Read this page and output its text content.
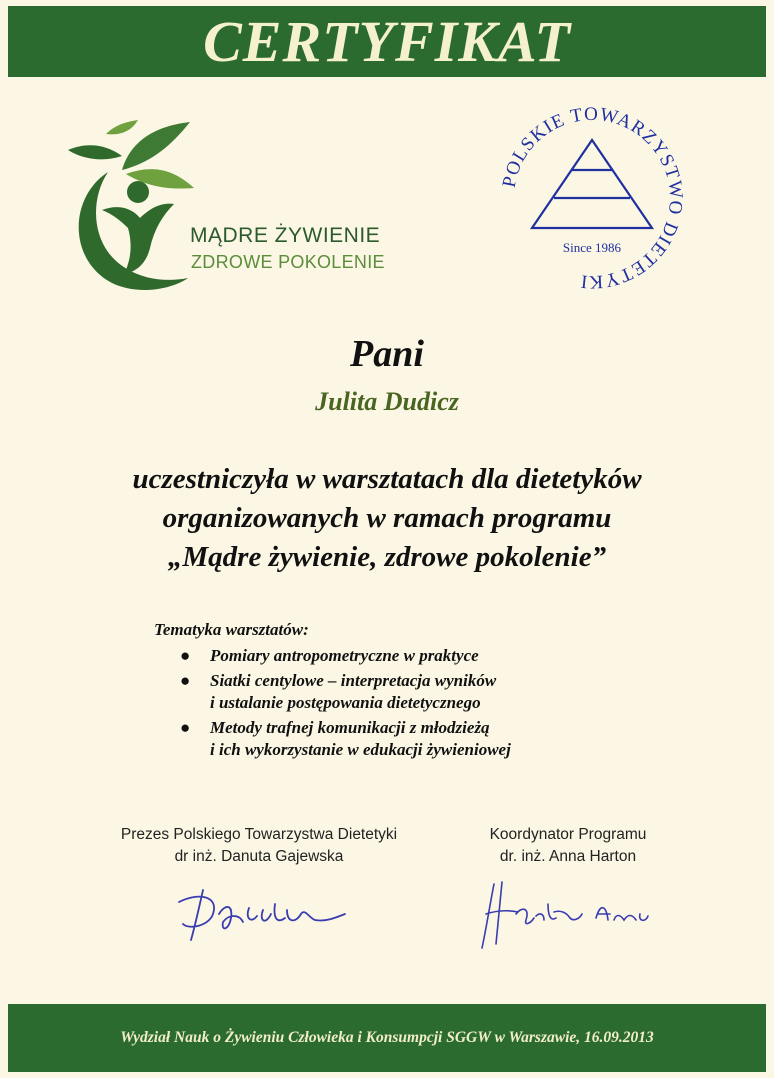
CERTYFIKAT
MĄDRE ŻYWIENIE
ZDROWE POKOLENIE
POLSKIE TOWARZYSTWO DIETETYKI
Since 1986
Pani
Julita Dudicz
uczestniczyła w warsztatach dla dietetyków
organizowanych w ramach programu
„Mądre żywienie, zdrowe pokolenie”
Tematyka warsztatów:
● Pomiary antropometryczne w praktyce
● Siatki centylowe – interpretacja wyników
i ustalanie postępowania dietetycznego
● Metody trafnej komunikacji z młodzieżą
i ich wykorzystanie w edukacji żywieniowej
Prezes Polskiego Towarzystwa Dietetyki
dr inż. Danuta Gajewska
Koordynator Programu
dr. inż. Anna Harton
Wydział Nauk o Żywieniu Człowieka i Konsumpcji SGGW w Warszawie, 16.09.2013
